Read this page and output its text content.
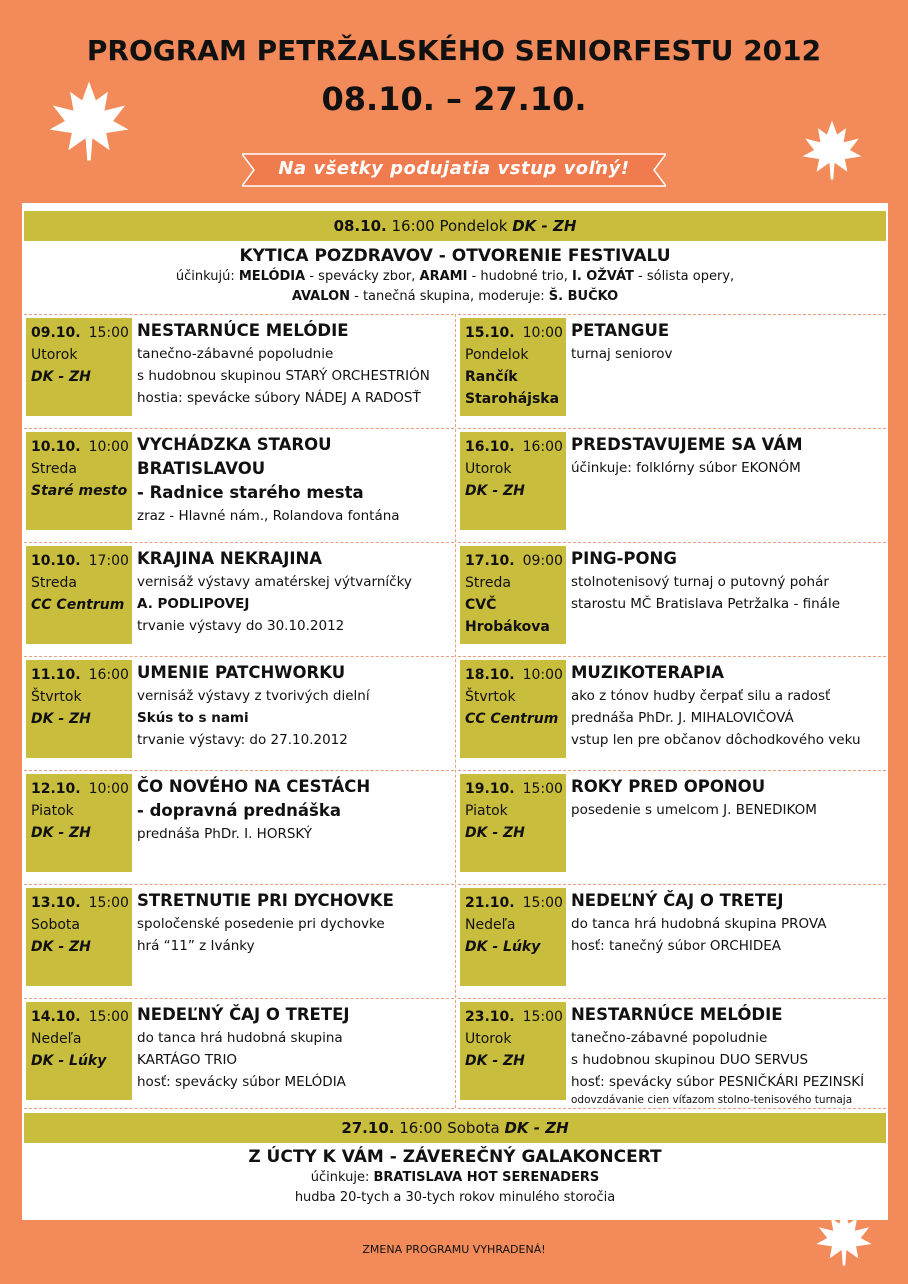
PROGRAM PETRŽALSKÉHO SENIORFESTU 2012
08.10. – 27.10.
Na všetky podujatia vstup voľný!
08.10. 16:00 Pondelok DK - ZH
KYTICA POZDRAVOV - OTVORENIE FESTIVALU
účinkujú: MELÓDIA - spevácky zbor, ARAMI - hudobné trio, I. OŽVÁT - sólista opery,
AVALON - tanečná skupina, moderuje: Š. BUČKO
09.10. 15:00
Utorok
DK - ZH
NESTARNÚCE MELÓDIE
tanečno-zábavné popoludnie
s hudobnou skupinou STARÝ ORCHESTRIÓN
hostia: spevácke súbory NÁDEJ A RADOSŤ
15.10. 10:00
Pondelok
Rančík
Starohájska
PETANGUE
turnaj seniorov
10.10. 10:00
Streda
Staré mesto
VYCHÁDZKA STAROU BRATISLAVOU
- Radnice starého mesta
zraz - Hlavné nám., Rolandova fontána
16.10. 16:00
Utorok
DK - ZH
PREDSTAVUJEME SA VÁM
účinkuje: folklórny súbor EKONÓM
10.10. 17:00
Streda
CC Centrum
KRAJINA NEKRAJINA
vernisáž výstavy amatérskej výtvarníčky
A. PODLIPOVEJ
trvanie výstavy do 30.10.2012
17.10. 09:00
Streda
CVČ
Hrobákova
PING-PONG
stolnotenisový turnaj o putovný pohár
starostu MČ Bratislava Petržalka - finále
11.10. 16:00
Štvrtok
DK - ZH
UMENIE PATCHWORKU
vernisáž výstavy z tvorivých dielní
Skús to s nami
trvanie výstavy: do 27.10.2012
18.10. 10:00
Štvrtok
CC Centrum
MUZIKOTERAPIA
ako z tónov hudby čerpať silu a radosť
prednáša PhDr. J. MIHALOVIČOVÁ
vstup len pre občanov dôchodkového veku
12.10. 10:00
Piatok
DK - ZH
ČO NOVÉHO NA CESTÁCH
- dopravná prednáška
prednáša PhDr. I. HORSKÝ
19.10. 15:00
Piatok
DK - ZH
ROKY PRED OPONOU
posedenie s umelcom J. BENEDIKOM
13.10. 15:00
Sobota
DK - ZH
STRETNUTIE PRI DYCHOVKE
spoločenské posedenie pri dychovke
hrá “11” z Ivánky
21.10. 15:00
Nedeľa
DK - Lúky
NEDEĽNÝ ČAJ O TRETEJ
do tanca hrá hudobná skupina PROVA
hosť: tanečný súbor ORCHIDEA
14.10. 15:00
Nedeľa
DK - Lúky
NEDEĽNÝ ČAJ O TRETEJ
do tanca hrá hudobná skupina
KARTÁGO TRIO
hosť: spevácky súbor MELÓDIA
23.10. 15:00
Utorok
DK - ZH
NESTARNÚCE MELÓDIE
tanečno-zábavné popoludnie
s hudobnou skupinou DUO SERVUS
hosť: spevácky súbor PESNIČKÁRI PEZINSKÍ
odovzdávanie cien víťazom stolno-tenisového turnaja
27.10. 16:00 Sobota DK - ZH
Z ÚCTY K VÁM - ZÁVEREČNÝ GALAKONCERT
účinkuje: BRATISLAVA HOT SERENADERS
hudba 20-tych a 30-tych rokov minulého storočia
ZMENA PROGRAMU VYHRADENÁ!
